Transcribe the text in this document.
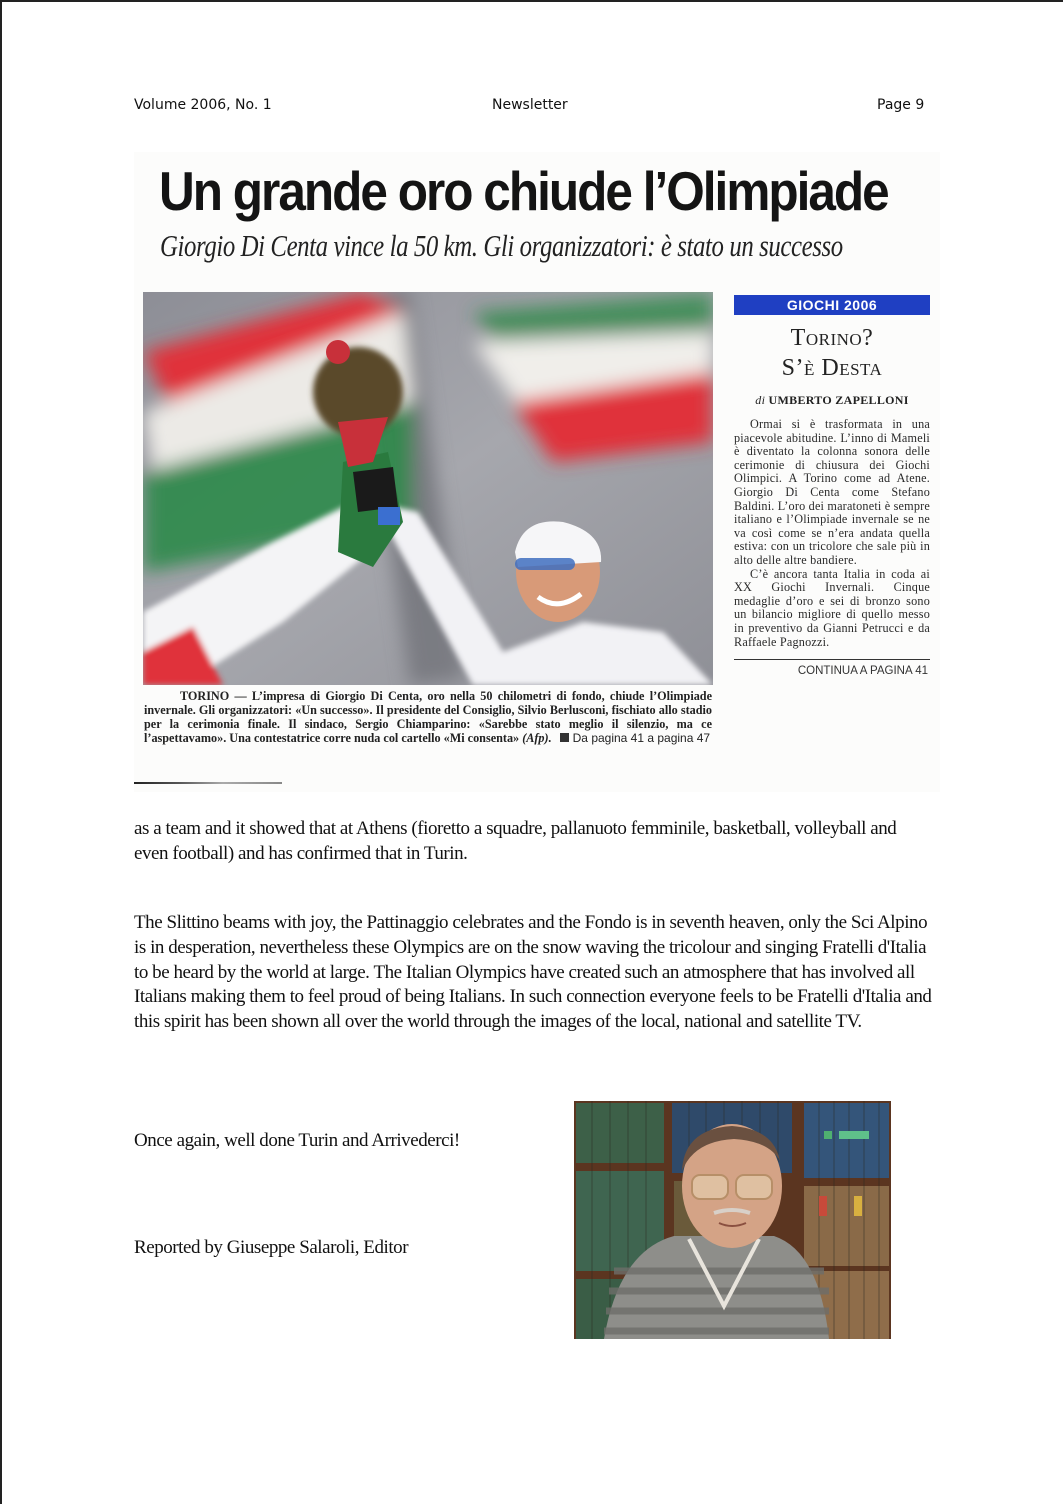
Volume 2006, No. 1	Newsletter	Page 9
Un grande oro chiude l’Olimpiade
Giorgio Di Centa vince la 50 km. Gli organizzatori: è stato un successo
TORINO — L’impresa di Giorgio Di Centa, oro nella 50 chilometri di fondo, chiude l’Olimpiade invernale. Gli organizzatori: «Un successo». Il presidente del Consiglio, Silvio Berlusconi, fischiato allo stadio per la cerimonia finale. Il sindaco, Sergio Chiamparino: «Sarebbe stato meglio il silenzio, ma ce l’aspettavamo». Una contestatrice corre nuda col cartello «Mi consenta» (Afp). Da pagina 41 a pagina 47
GIOCHI 2006
Torino?
S’è Desta
di UMBERTO ZAPELLONI

Ormai si è trasformata in una piacevole abitudine. L’inno di Mameli è diventato la colonna sonora delle cerimonie di chiusura dei Giochi Olimpici. A Torino come ad Atene. Giorgio Di Centa come Stefano Baldini. L’oro dei maratoneti è sempre italiano e l’Olimpiade invernale se ne va così come se n’era andata quella estiva: con un tricolore che sale più in alto delle altre bandiere.

C’è ancora tanta Italia in coda ai XX Giochi Invernali. Cinque medaglie d’oro e sei di bronzo sono un bilancio migliore di quello messo in preventivo da Gianni Petrucci e da Raffaele Pagnozzi.

CONTINUA A PAGINA 41
as a team and it showed that at Athens (fioretto a squadre, pallanuoto femminile, basketball, volleyball and even football) and has confirmed that in Turin.
The Slittino beams with joy, the Pattinaggio celebrates and the Fondo is in seventh heaven, only the Sci Alpino is in desperation, nevertheless these Olympics are on the snow waving the tricolour and singing Fratelli d'Italia to be heard by the world at large. The Italian Olympics have created such an atmosphere that has involved all Italians making them to feel proud of being Italians. In such connection everyone feels to be Fratelli d'Italia and this spirit has been shown all over the world through the images of the local, national and satellite TV.
Once again, well done Turin and Arrivederci!
Reported by Giuseppe Salaroli, Editor
